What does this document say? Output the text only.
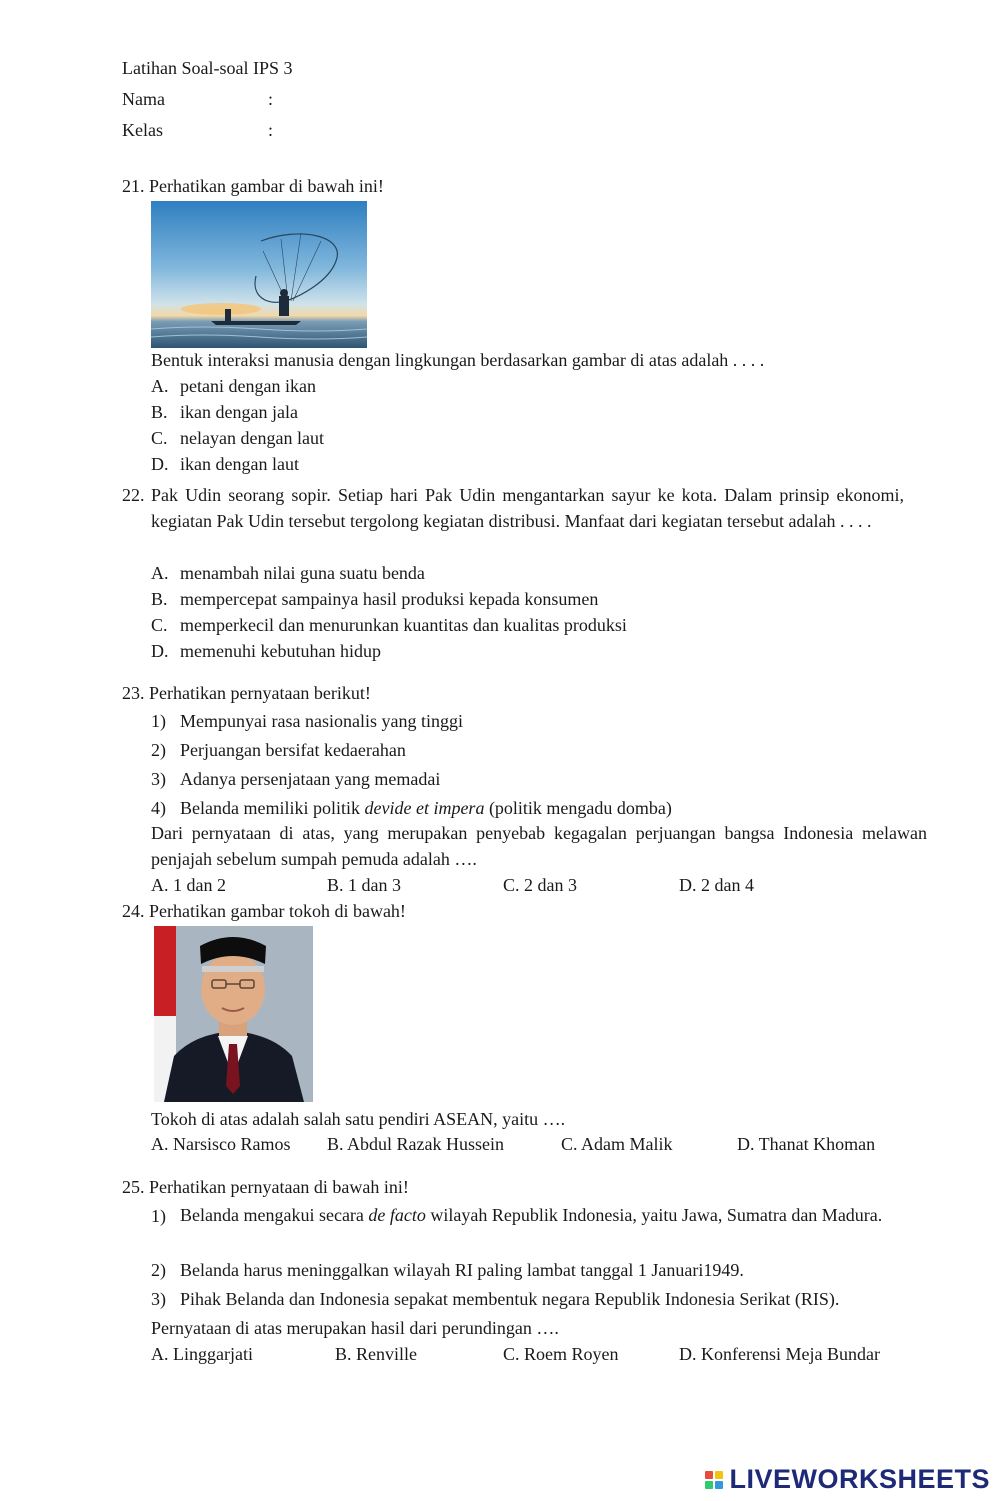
Latihan Soal-soal IPS 3
Nama	:
Kelas	:
21. Perhatikan gambar di bawah ini!
Bentuk interaksi manusia dengan lingkungan berdasarkan gambar di atas adalah . . . .
A. petani dengan ikan
B. ikan dengan jala
C. nelayan dengan laut
D. ikan dengan laut
22. Pak Udin seorang sopir. Setiap hari Pak Udin mengantarkan sayur ke kota. Dalam prinsip ekonomi, kegiatan Pak Udin tersebut tergolong kegiatan distribusi. Manfaat dari kegiatan tersebut adalah . . . .
A. menambah nilai guna suatu benda
B. mempercepat sampainya hasil produksi kepada konsumen
C. memperkecil dan menurunkan kuantitas dan kualitas produksi
D. memenuhi kebutuhan hidup
23. Perhatikan pernyataan berikut!
1) Mempunyai rasa nasionalis yang tinggi
2) Perjuangan bersifat kedaerahan
3) Adanya persenjataan yang memadai
4) Belanda memiliki politik devide et impera (politik mengadu domba)
Dari pernyataan di atas, yang merupakan penyebab kegagalan perjuangan bangsa Indonesia melawan penjajah sebelum sumpah pemuda adalah ….
A. 1 dan 2	B. 1 dan 3	C. 2 dan 3	D. 2 dan 4
24. Perhatikan gambar tokoh di bawah!
Tokoh di atas adalah salah satu pendiri ASEAN, yaitu ….
A. Narsisco Ramos B. Abdul Razak Hussein	C. Adam Malik	D. Thanat Khoman
25. Perhatikan pernyataan di bawah ini!
1) Belanda mengakui secara de facto wilayah Republik Indonesia, yaitu Jawa, Sumatra dan Madura.
2) Belanda harus meninggalkan wilayah RI paling lambat tanggal 1 Januari1949.
3) Pihak Belanda dan Indonesia sepakat membentuk negara Republik Indonesia Serikat (RIS).
Pernyataan di atas merupakan hasil dari perundingan ….
A. Linggarjati	B. Renville	C. Roem Royen	D. Konferensi Meja Bundar
LIVEWORKSHEETS
